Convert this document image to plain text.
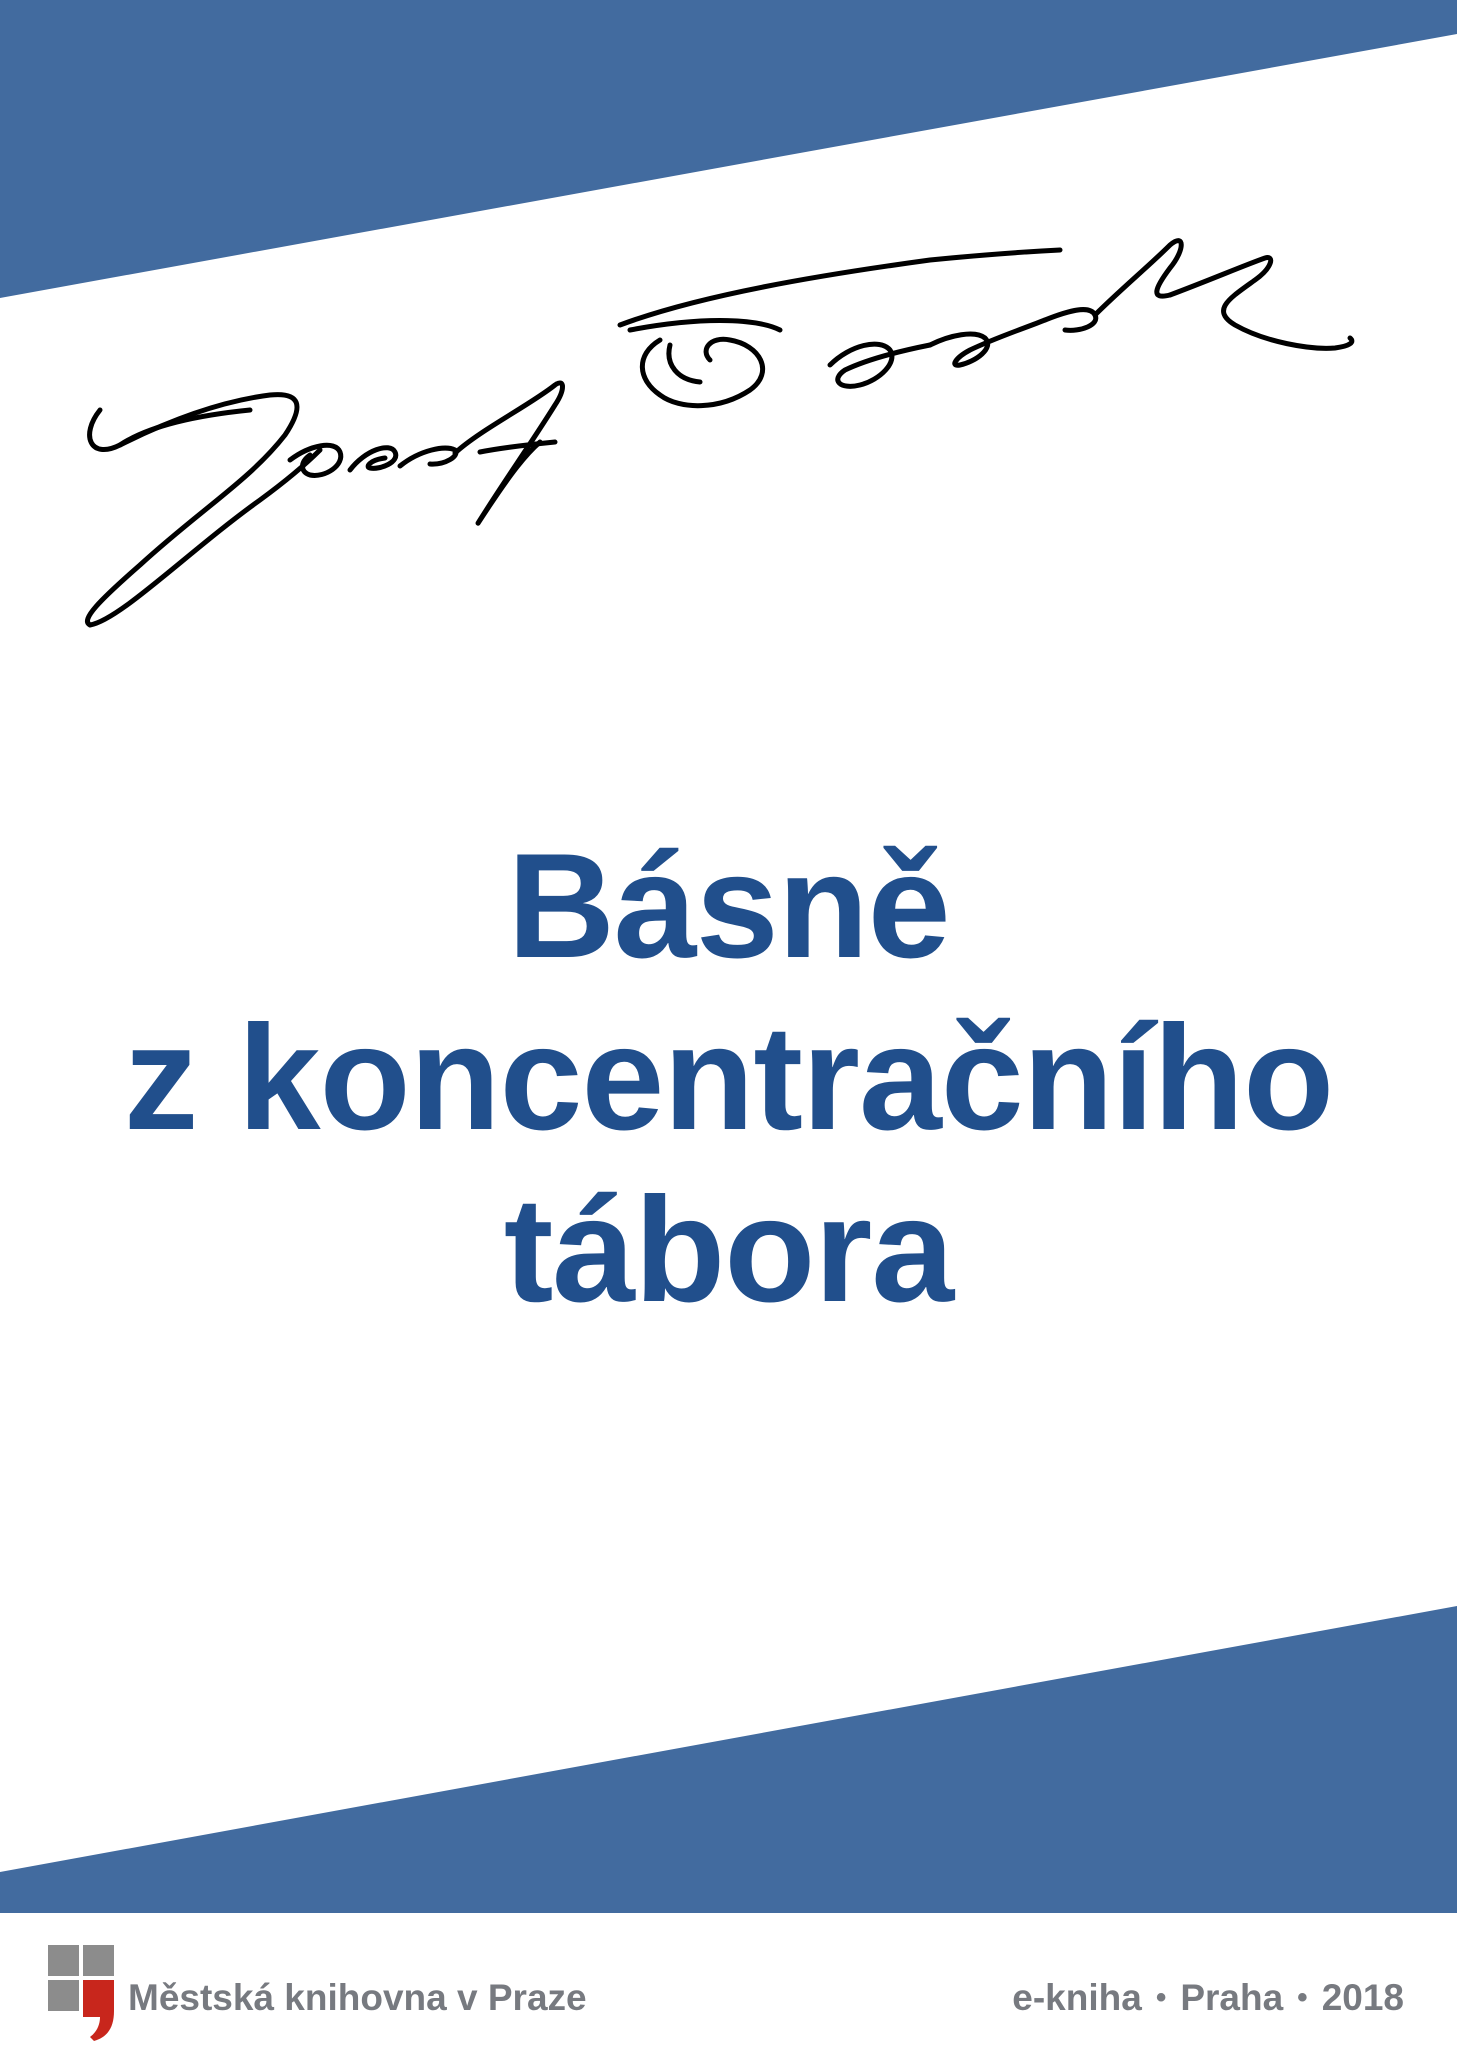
Básně
z koncentračního
tábora
Městská knihovna v Praze	e-kniha • Praha • 2018
